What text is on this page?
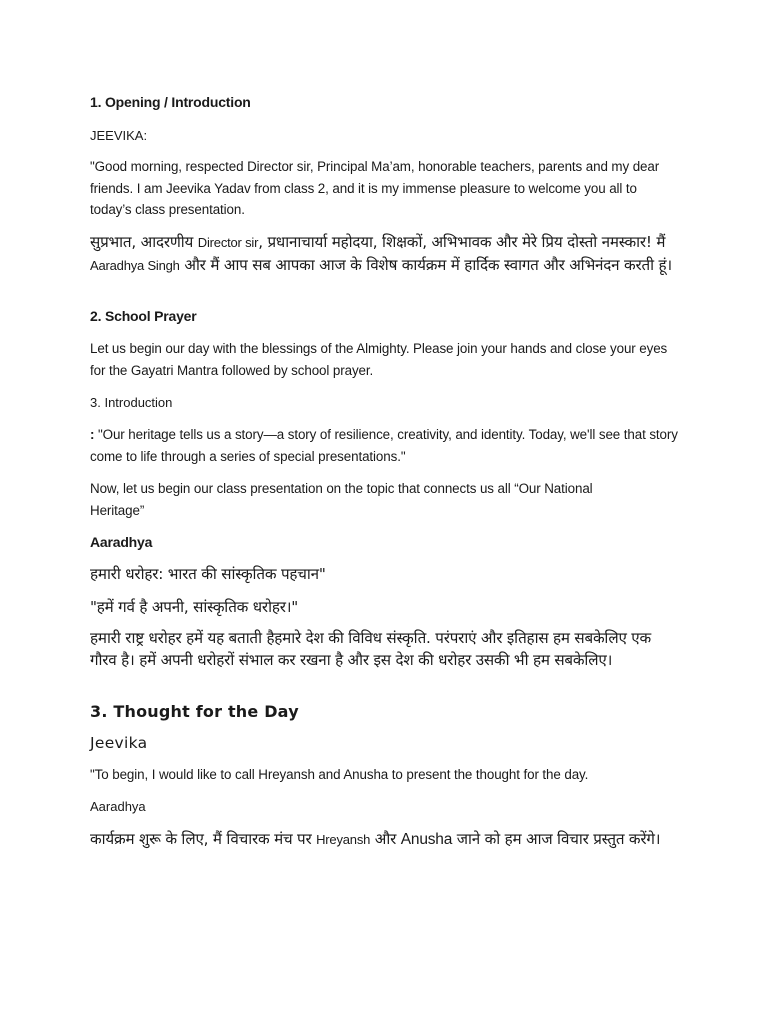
1. Opening / Introduction

JEEVIKA:

"Good morning, respected Director sir, Principal Ma’am, honorable teachers, parents and my dear friends. I am Jeevika Yadav from class 2, and it is my immense pleasure to welcome you all to today’s class presentation.

सुप्रभात, आदरणीय Director sir, प्रधानाचार्या महोदया, शिक्षकों, अभिभावक और मेरे प्रिय दोस्तो नमस्कार! मैं Aaradhya Singh और मैं आप सब आपका आज के विशेष कार्यक्रम में हार्दिक स्वागत और अभिनंदन करती हूं।

2. School Prayer

Let us begin our day with the blessings of the Almighty. Please join your hands and close your eyes for the Gayatri Mantra followed by school prayer.

3. Introduction

: "Our heritage tells us a story—a story of resilience, creativity, and identity. Today, we'll see that story come to life through a series of special presentations."

Now, let us begin our class presentation on the topic that connects us all “Our National Heritage”

Aaradhya

हमारी धरोहर: भारत की सांस्कृतिक पहचान"

"हमें गर्व है अपनी, सांस्कृतिक धरोहर।"

हमारी राष्ट्र धरोहर हमें यह बताती हैहमारे देश की विविध संस्कृति. परंपराएं और इतिहास हम सबकेलिए एक गौरव है। हमें अपनी धरोहरों संभाल कर रखना है और इस देश की धरोहर उसकी भी हम सबकेलिए।

3. Thought for the Day

Jeevika

"To begin, I would like to call Hreyansh and Anusha to present the thought for the day.

Aaradhya

कार्यक्रम शुरू के लिए, मैं विचारक मंच पर Hreyansh और Anusha जाने को हम आज विचार प्रस्तुत करेंगे।
